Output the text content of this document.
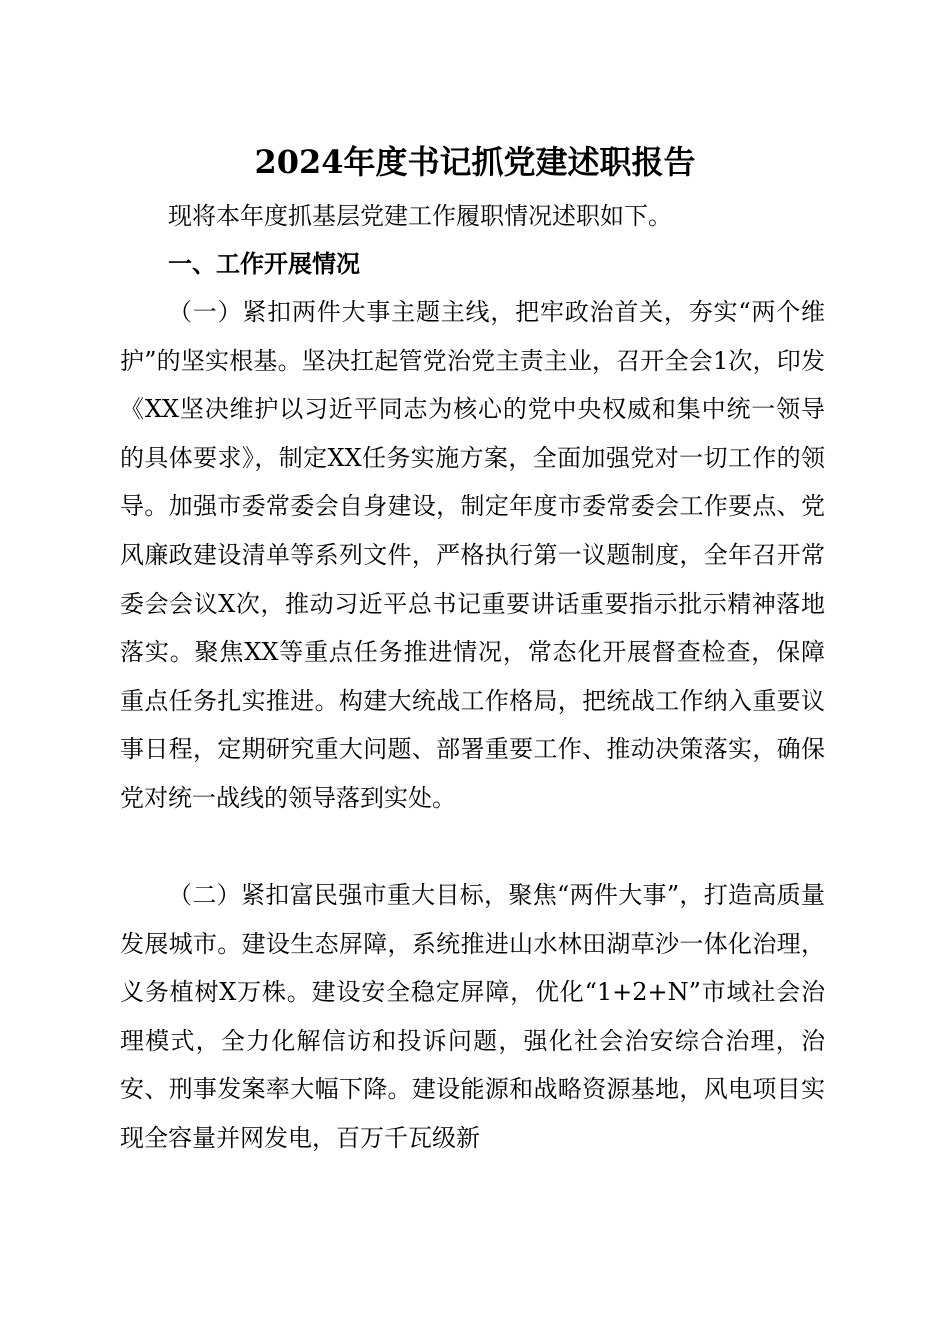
2024年度书记抓党建述职报告

现将本年度抓基层党建工作履职情况述职如下。

一、工作开展情况

（一）紧扣两件大事主题主线，把牢政治首关，夯实“两个维护”的坚实根基。坚决扛起管党治党主责主业，召开全会1次，印发《XX坚决维护以习近平同志为核心的党中央权威和集中统一领导的具体要求》，制定XX任务实施方案，全面加强党对一切工作的领导。加强市委常委会自身建设，制定年度市委常委会工作要点、党风廉政建设清单等系列文件，严格执行第一议题制度，全年召开常委会会议X次，推动习近平总书记重要讲话重要指示批示精神落地落实。聚焦XX等重点任务推进情况，常态化开展督查检查，保障重点任务扎实推进。构建大统战工作格局，把统战工作纳入重要议事日程，定期研究重大问题、部署重要工作、推动决策落实，确保党对统一战线的领导落到实处。

（二）紧扣富民强市重大目标，聚焦“两件大事”，打造高质量发展城市。建设生态屏障，系统推进山水林田湖草沙一体化治理，义务植树X万株。建设安全稳定屏障，优化“1+2+N”市域社会治理模式，全力化解信访和投诉问题，强化社会治安综合治理，治安、刑事发案率大幅下降。建设能源和战略资源基地，风电项目实现全容量并网发电，百万千瓦级新
